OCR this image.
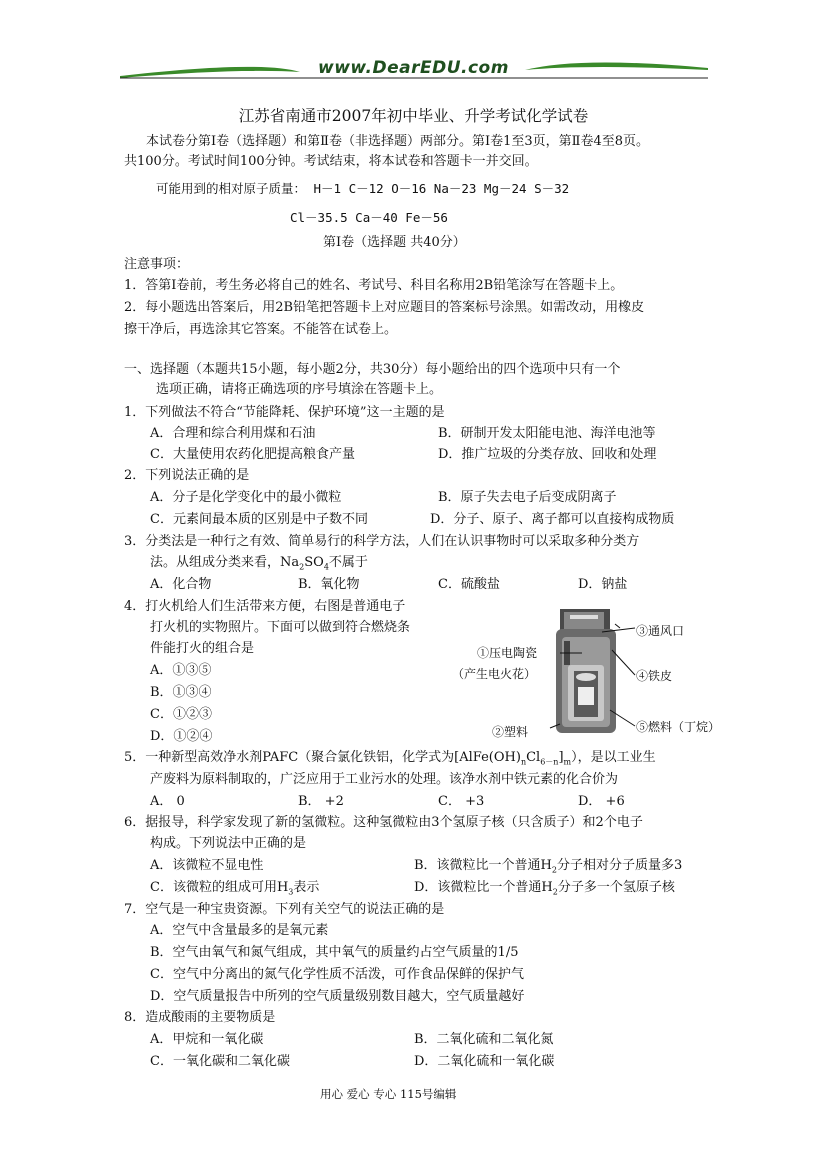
www.DearEDU.com
江苏省南通市2007年初中毕业、升学考试化学试卷
本试卷分第Ⅰ卷（选择题）和第Ⅱ卷（非选择题）两部分。第Ⅰ卷1至3页，第Ⅱ卷4至8页。
共100分。考试时间100分钟。考试结束，将本试卷和答题卡一并交回。
可能用到的相对原子质量： H－1 C－12 O－16 Na－23 Mg－24 S－32
Cl－35.5 Ca－40 Fe－56
第Ⅰ卷（选择题 共40分）
注意事项：
1．答第Ⅰ卷前，考生务必将自己的姓名、考试号、科目名称用2B铅笔涂写在答题卡上。
2．每小题选出答案后，用2B铅笔把答题卡上对应题目的答案标号涂黑。如需改动，用橡皮
擦干净后，再选涂其它答案。不能答在试卷上。
一、选择题（本题共15小题，每小题2分，共30分）每小题给出的四个选项中只有一个
选项正确，请将正确选项的序号填涂在答题卡上。
1．下列做法不符合“节能降耗、保护环境”这一主题的是
A．合理和综合利用煤和石油	B．研制开发太阳能电池、海洋电池等
C．大量使用农药化肥提高粮食产量	D．推广垃圾的分类存放、回收和处理
2．下列说法正确的是
A．分子是化学变化中的最小微粒	B．原子失去电子后变成阴离子
C．元素间最本质的区别是中子数不同	D．分子、原子、离子都可以直接构成物质
3．分类法是一种行之有效、简单易行的科学方法，人们在认识事物时可以采取多种分类方
法。从组成分类来看，$Na_2SO_4$不属于
A．化合物	B．氧化物	C．硫酸盐	D．钠盐
4．打火机给人们生活带来方便，右图是普通电子
打火机的实物照片。下面可以做到符合燃烧条
件能打火的组合是
A．①③⑤
B．①③④
C．①②③
D．①②④
①压电陶瓷
（产生电火花）
②塑料
③通风口
④铁皮
⑤燃料（丁烷）
5．一种新型高效净水剂PAFC（聚合氯化铁铝，化学式为$[AlFe(OH)_nCl_{6-n}]_m$），是以工业生
产废料为原料制取的，广泛应用于工业污水的处理。该净水剂中铁元素的化合价为
A． 0	B． +2	C． +3	D． +6
6．据报导，科学家发现了新的氢微粒。这种氢微粒由3个氢原子核（只含质子）和2个电子
构成。下列说法中正确的是
A．该微粒不显电性	B．该微粒比一个普通$H_2$分子相对分子质量多3
C．该微粒的组成可用$H_3$表示	D．该微粒比一个普通$H_2$分子多一个氢原子核
7．空气是一种宝贵资源。下列有关空气的说法正确的是
A．空气中含量最多的是氧元素
B．空气由氧气和氮气组成，其中氧气的质量约占空气质量的1/5
C．空气中分离出的氮气化学性质不活泼，可作食品保鲜的保护气
D．空气质量报告中所列的空气质量级别数目越大，空气质量越好
8．造成酸雨的主要物质是
A．甲烷和一氧化碳	B．二氧化硫和二氧化氮
C．一氧化碳和二氧化碳	D．二氧化硫和一氧化碳
用心 爱心 专心 115号编辑
